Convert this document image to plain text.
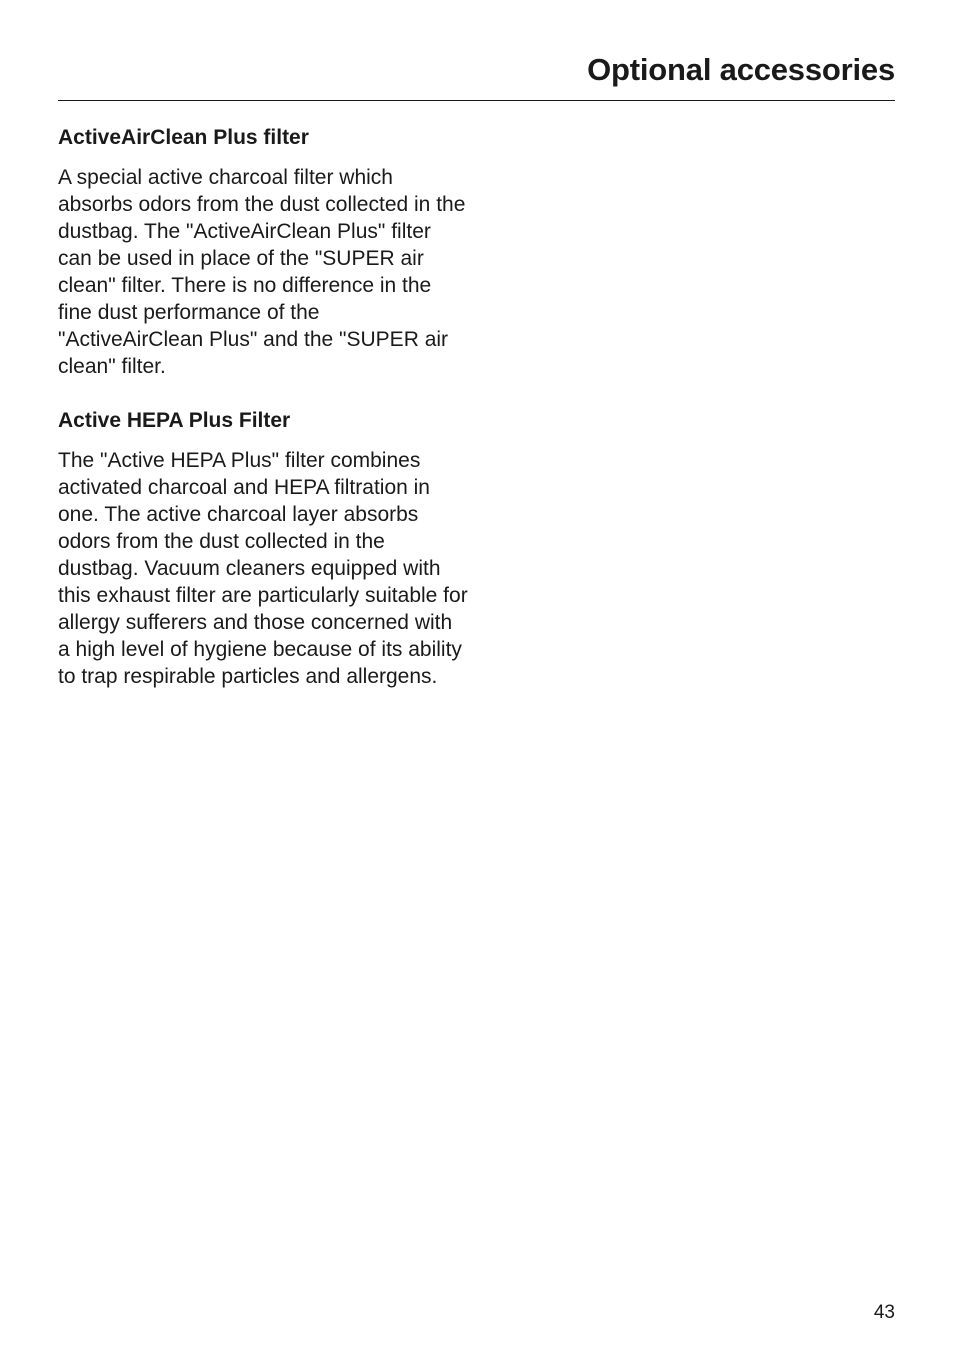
Optional accessories
ActiveAirClean Plus filter

A special active charcoal filter which absorbs odors from the dust collected in the dustbag. The "ActiveAirClean Plus" filter can be used in place of the "SUPER air clean" filter. There is no difference in the fine dust performance of the "ActiveAirClean Plus" and the "SUPER air clean" filter.

Active HEPA Plus Filter

The "Active HEPA Plus" filter combines activated charcoal and HEPA filtration in one. The active charcoal layer absorbs odors from the dust collected in the dustbag. Vacuum cleaners equipped with this exhaust filter are particularly suitable for allergy sufferers and those concerned with a high level of hygiene because of its ability to trap respirable particles and allergens.

43
